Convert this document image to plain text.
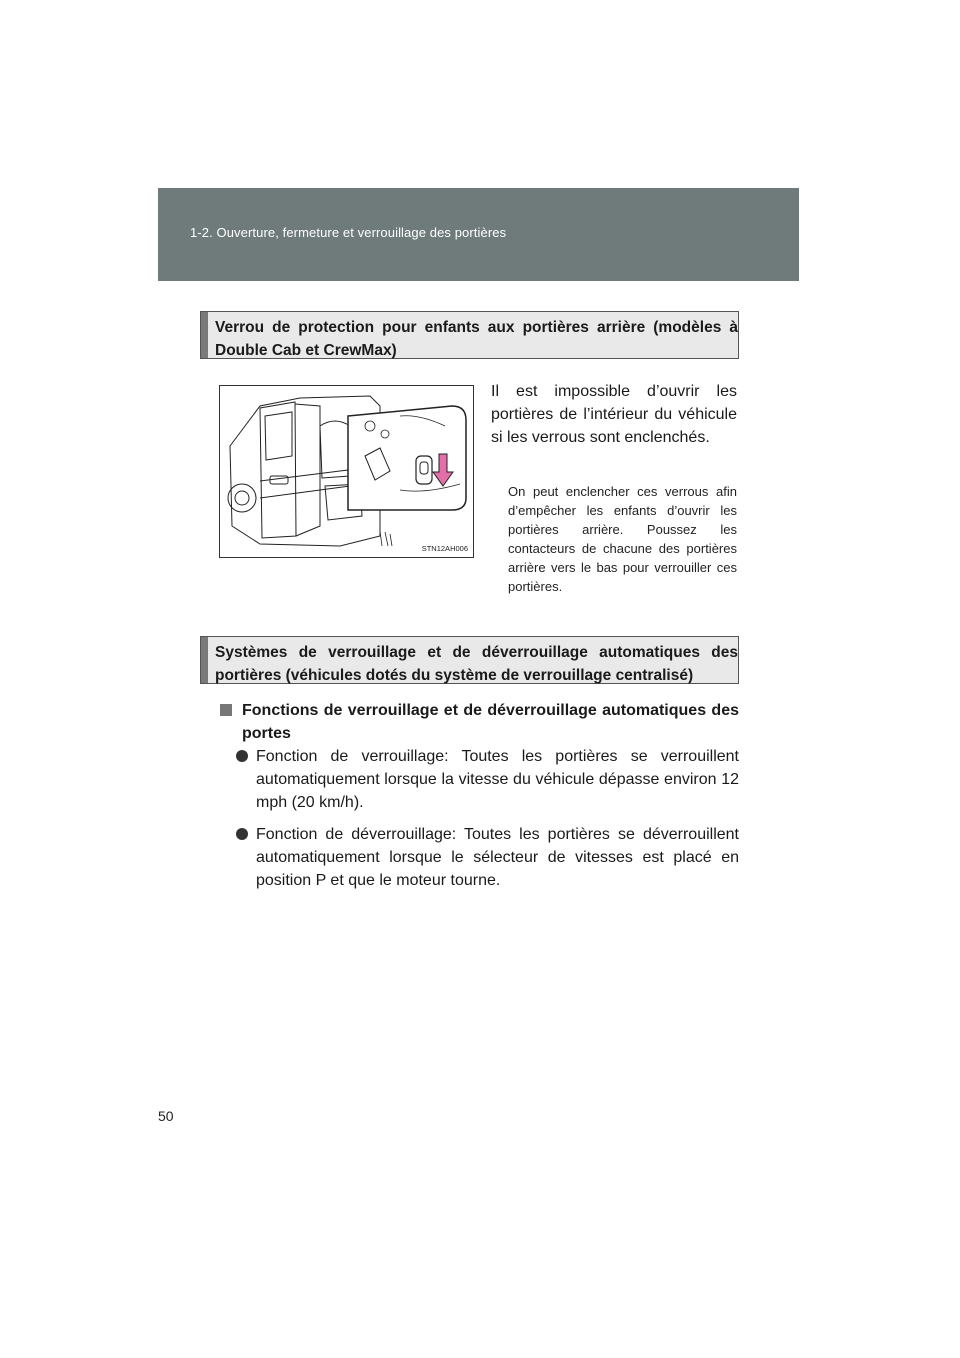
1-2. Ouverture, fermeture et verrouillage des portières
Verrou de protection pour enfants aux portières arrière (modèles à Double Cab et CrewMax)
STN12AH006
Il est impossible d’ouvrir les portières de l’intérieur du véhicule si les verrous sont enclenchés.
On peut enclencher ces verrous afin d’empêcher les enfants d’ouvrir les portières arrière. Poussez les contacteurs de chacune des portières arrière vers le bas pour verrouiller ces portières.
Systèmes de verrouillage et de déverrouillage automatiques des portières (véhicules dotés du système de verrouillage centralisé)
Fonctions de verrouillage et de déverrouillage automatiques des portes
Fonction de verrouillage: Toutes les portières se verrouillent automatiquement lorsque la vitesse du véhicule dépasse environ 12 mph (20 km/h).
Fonction de déverrouillage: Toutes les portières se déverrouillent automatiquement lorsque le sélecteur de vitesses est placé en position P et que le moteur tourne.
50
